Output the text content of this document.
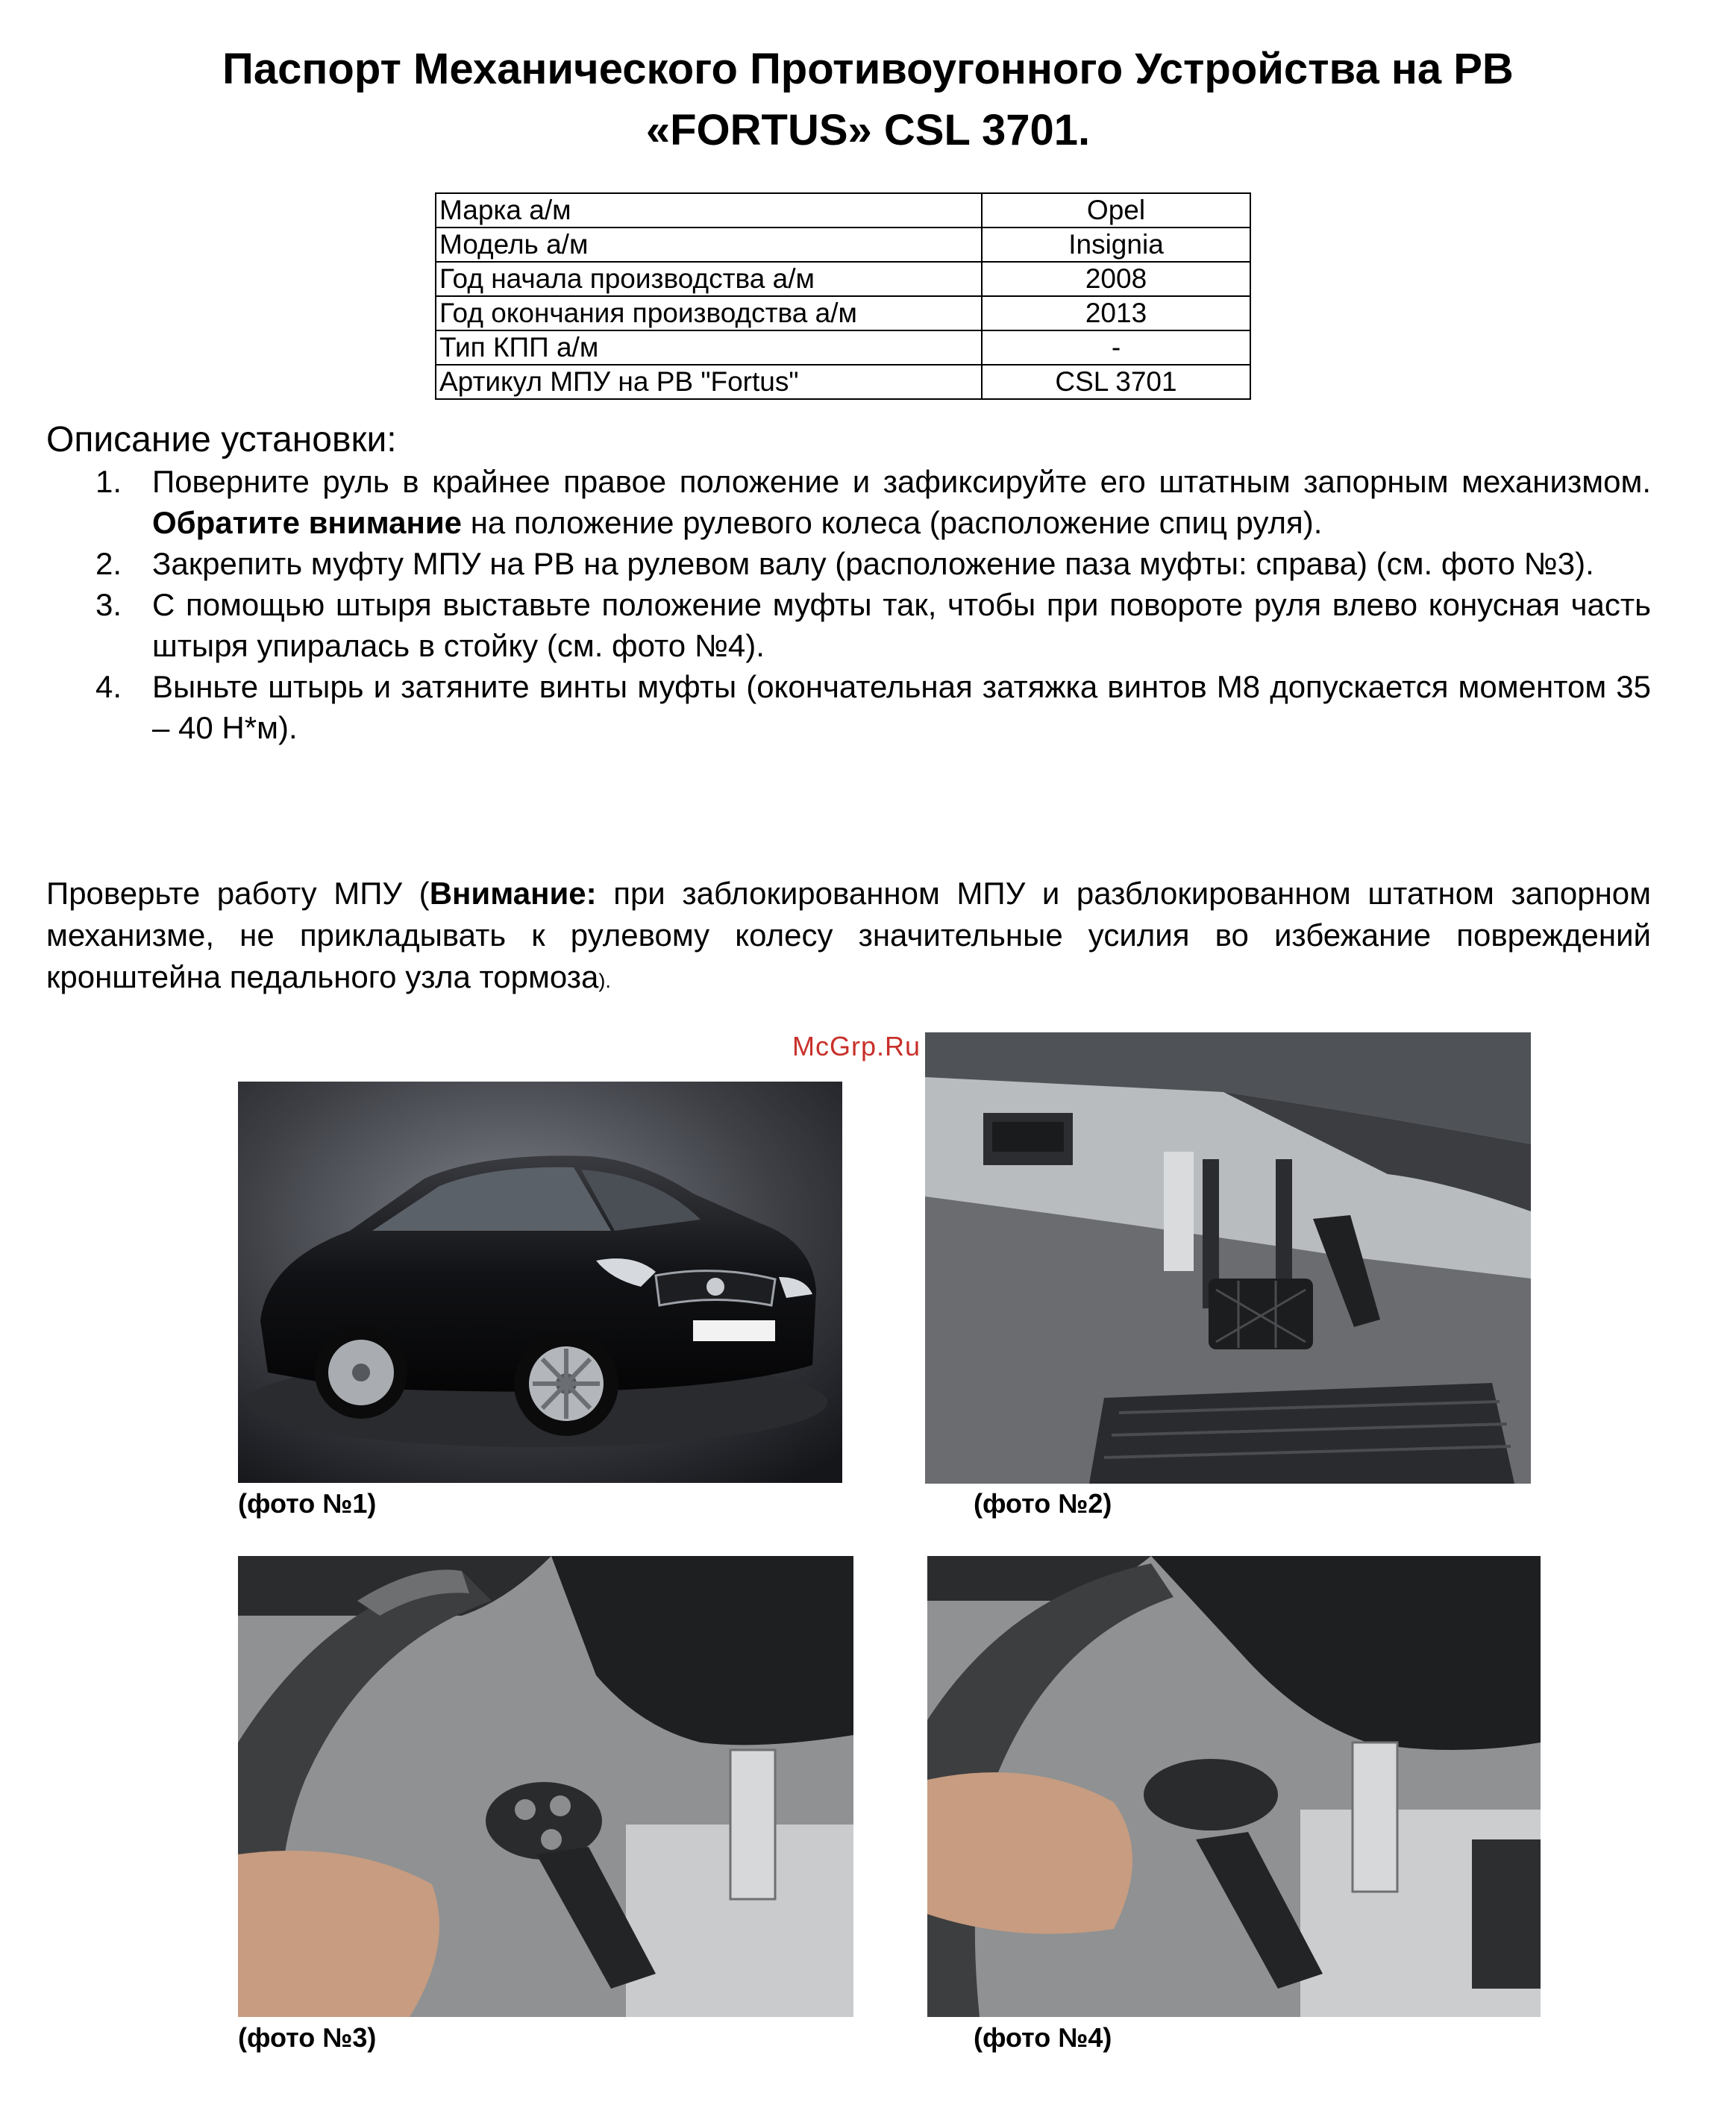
Паспорт Механического Противоугонного Устройства на РВ
«FORTUS» CSL 3701.
Марка а/м	Opel
Модель а/м	Insignia
Год начала производства а/м	2008
Год окончания производства а/м	2013
Тип КПП а/м	-
Артикул МПУ на РВ "Fortus"	CSL 3701
Описание установки:
1. Поверните руль в крайнее правое положение и зафиксируйте его штатным запорным механизмом. Обратите внимание на положение рулевого колеса (расположение спиц руля).
2. Закрепить муфту МПУ на РВ на рулевом валу (расположение паза муфты: справа) (см. фото №3).
3. С помощью штыря выставьте положение муфты так, чтобы при повороте руля влево конусная часть штыря упиралась в стойку (см. фото №4).
4. Выньте штырь и затяните винты муфты (окончательная затяжка винтов М8 допускается моментом 35 – 40 Н*м).
Проверьте работу МПУ (Внимание: при заблокированном МПУ и разблокированном штатном запорном механизме, не прикладывать к рулевому колесу значительные усилия во избежание повреждений кронштейна педального узла тормоза).
McGrp.Ru
(фото №1)	(фото №2)
(фото №3)	(фото №4)
